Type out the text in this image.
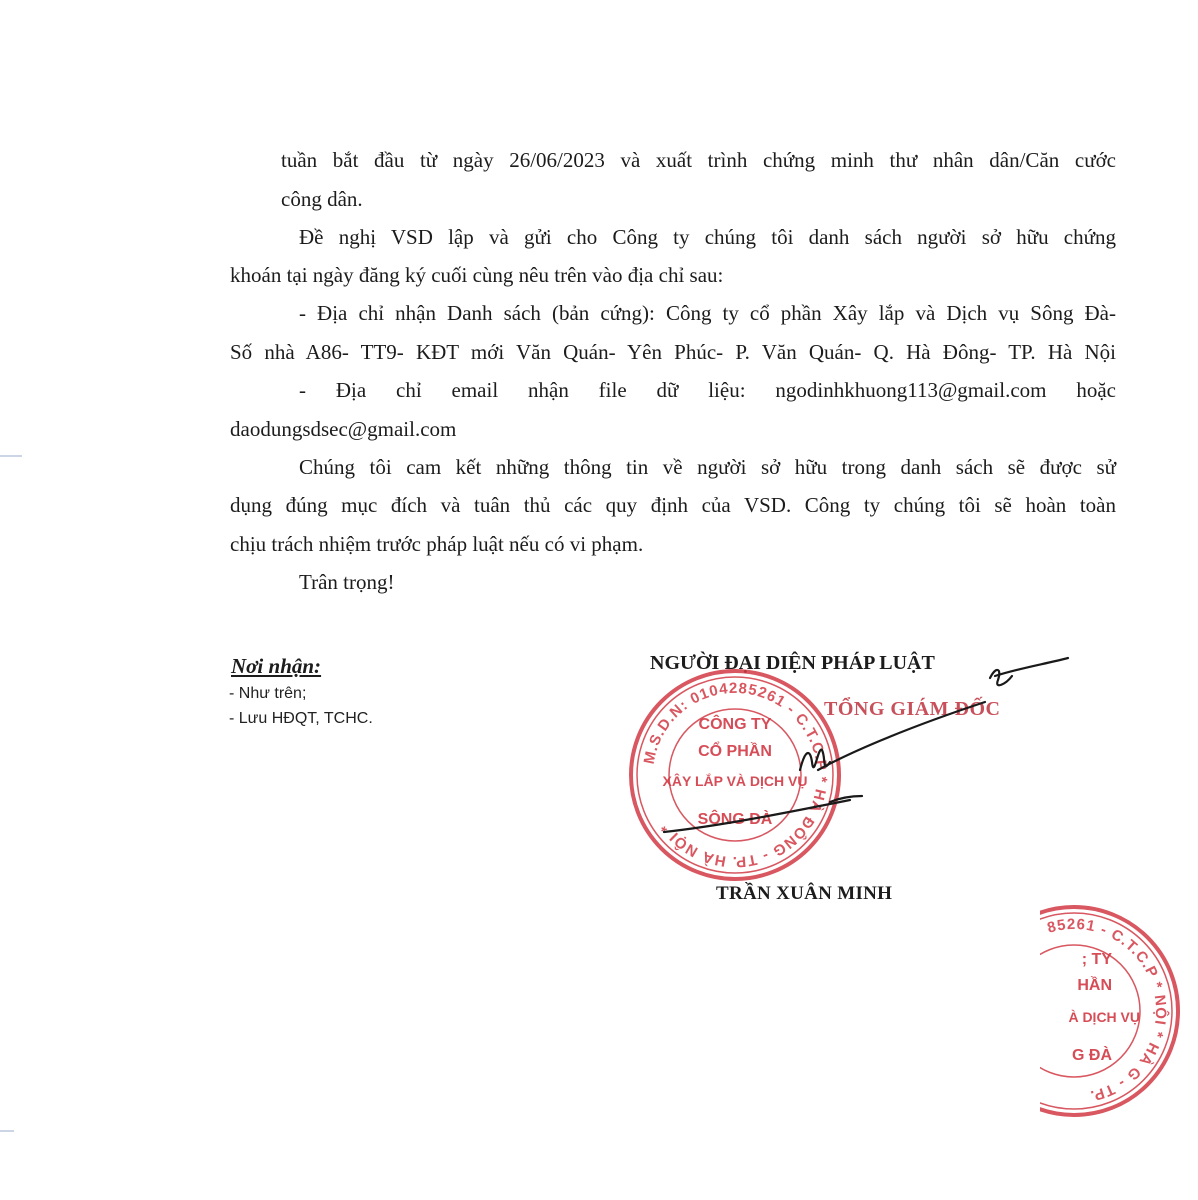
tuần bắt đầu từ ngày 26/06/2023 và xuất trình chứng minh thư nhân dân/Căn cước
công dân.
Đề nghị VSD lập và gửi cho Công ty chúng tôi danh sách người sở hữu chứng
khoán tại ngày đăng ký cuối cùng nêu trên vào địa chỉ sau:
- Địa chỉ nhận Danh sách (bản cứng): Công ty cổ phần Xây lắp và Dịch vụ Sông Đà-
Số nhà A86- TT9- KĐT mới Văn Quán- Yên Phúc- P. Văn Quán- Q. Hà Đông- TP. Hà Nội
- Địa chỉ email nhận file dữ liệu: ngodinhkhuong113@gmail.com hoặc
daodungsdsec@gmail.com
Chúng tôi cam kết những thông tin về người sở hữu trong danh sách sẽ được sử
dụng đúng mục đích và tuân thủ các quy định của VSD. Công ty chúng tôi sẽ hoàn toàn
chịu trách nhiệm trước pháp luật nếu có vi phạm.
Trân trọng!
Nơi nhận:
- Như trên;
- Lưu HĐQT, TCHC.
NGƯỜI ĐẠI DIỆN PHÁP LUẬT
TỔNG GIÁM ĐỐC
M.S.D.N: 0104285261 - C.T.C.P * HÀ ĐÔNG - TP. HÀ NỘI *
CÔNG TY
CỔ PHẦN
XÂY LẮP VÀ DỊCH VỤ
SÔNG ĐÀ
TRẦN XUÂN MINH
85261 - C.T.C.P * NỘI * HÀ G - TP.
; TY
HẦN
À DỊCH VỤ
G ĐÀ
